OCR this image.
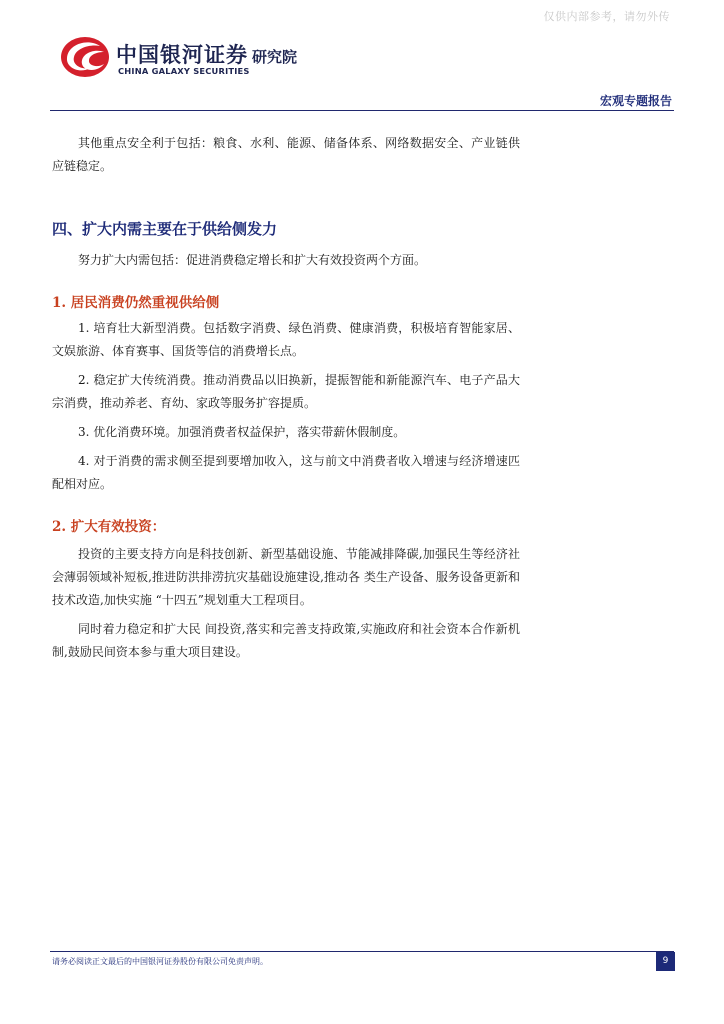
仅供内部参考，请勿外传
中国银河证券 研究院
CHINA GALAXY SECURITIES
宏观专题报告

其他重点安全利于包括：粮食、水利、能源、储备体系、网络数据安全、产业链供应链稳定。

四、扩大内需主要在于供给侧发力

努力扩大内需包括：促进消费稳定增长和扩大有效投资两个方面。

1. 居民消费仍然重视供给侧

1. 培育壮大新型消费。包括数字消费、绿色消费、健康消费，积极培育智能家居、文娱旅游、体育赛事、国货等信的消费增长点。

2. 稳定扩大传统消费。推动消费品以旧换新，提振智能和新能源汽车、电子产品大宗消费，推动养老、育幼、家政等服务扩容提质。

3. 优化消费环境。加强消费者权益保护，落实带薪休假制度。

4. 对于消费的需求侧至提到要增加收入，这与前文中消费者收入增速与经济增速匹配相对应。

2. 扩大有效投资：

投资的主要支持方向是科技创新、新型基础设施、节能减排降碳,加强民生等经济社会薄弱领域补短板,推进防洪排涝抗灾基础设施建设,推动各 类生产设备、服务设备更新和技术改造,加快实施 “十四五”规划重大工程项目。

同时着力稳定和扩大民 间投资,落实和完善支持政策,实施政府和社会资本合作新机 制,鼓励民间资本参与重大项目建设。

请务必阅读正文最后的中国银河证券股份有限公司免责声明。	9
